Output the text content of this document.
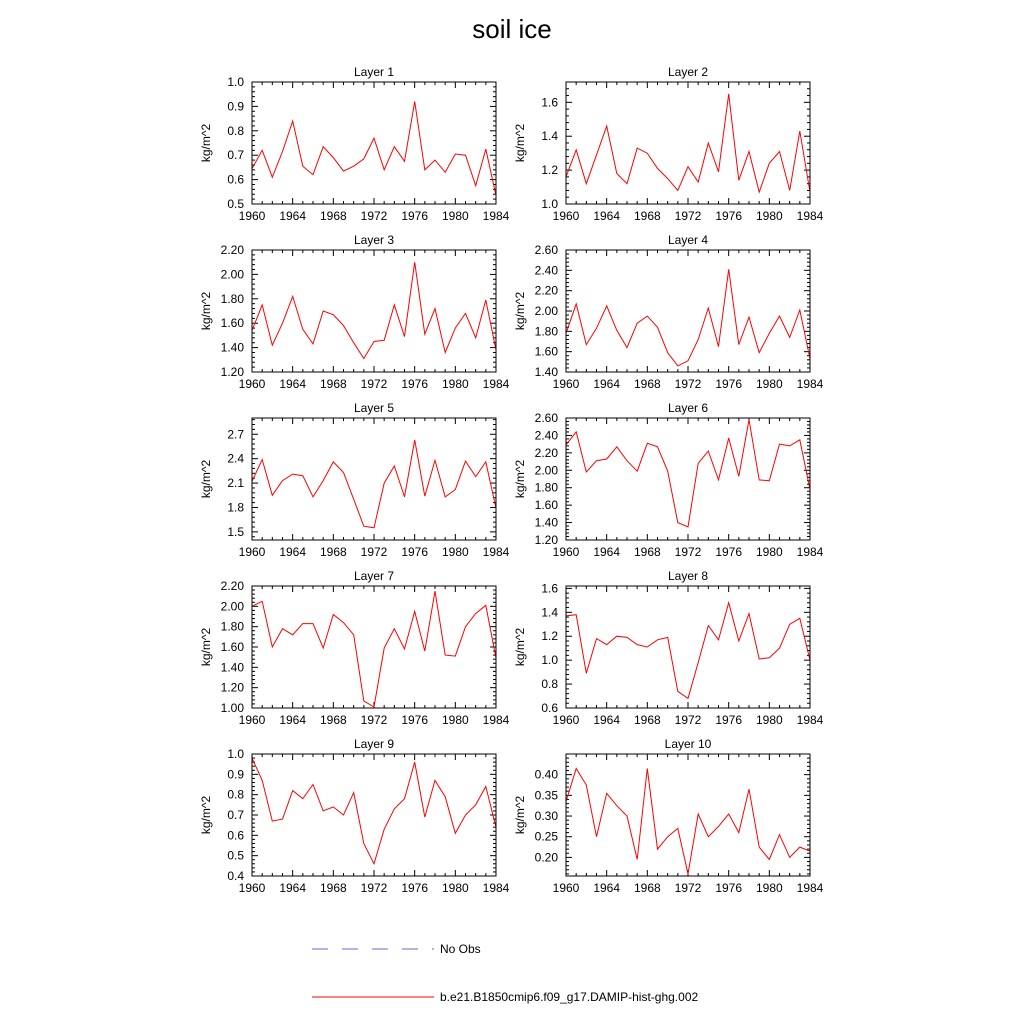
soil ice
Layer 1
kg/m^2
1960 1964 1968 1972 1976 1980 1984
0.5
0.6
0.7
0.8
0.9
1.0
Layer 2
kg/m^2
1960 1964 1968 1972 1976 1980 1984
1.0
1.2
1.4
1.6
Layer 3
kg/m^2
1960 1964 1968 1972 1976 1980 1984
1.20
1.40
1.60
1.80
2.00
2.20
Layer 4
kg/m^2
1960 1964 1968 1972 1976 1980 1984
1.40
1.60
1.80
2.00
2.20
2.40
2.60
Layer 5
kg/m^2
1960 1964 1968 1972 1976 1980 1984
1.5
1.8
2.1
2.4
2.7
Layer 6
kg/m^2
1960 1964 1968 1972 1976 1980 1984
1.20
1.40
1.60
1.80
2.00
2.20
2.40
2.60
Layer 7
kg/m^2
1960 1964 1968 1972 1976 1980 1984
1.00
1.20
1.40
1.60
1.80
2.00
2.20
Layer 8
kg/m^2
1960 1964 1968 1972 1976 1980 1984
0.6
0.8
1.0
1.2
1.4
1.6
Layer 9
kg/m^2
1960 1964 1968 1972 1976 1980 1984
0.4
0.5
0.6
0.7
0.8
0.9
1.0
Layer 10
kg/m^2
1960 1964 1968 1972 1976 1980 1984
0.20
0.25
0.30
0.35
0.40
No Obs
b.e21.B1850cmip6.f09_g17.DAMIP-hist-ghg.002
